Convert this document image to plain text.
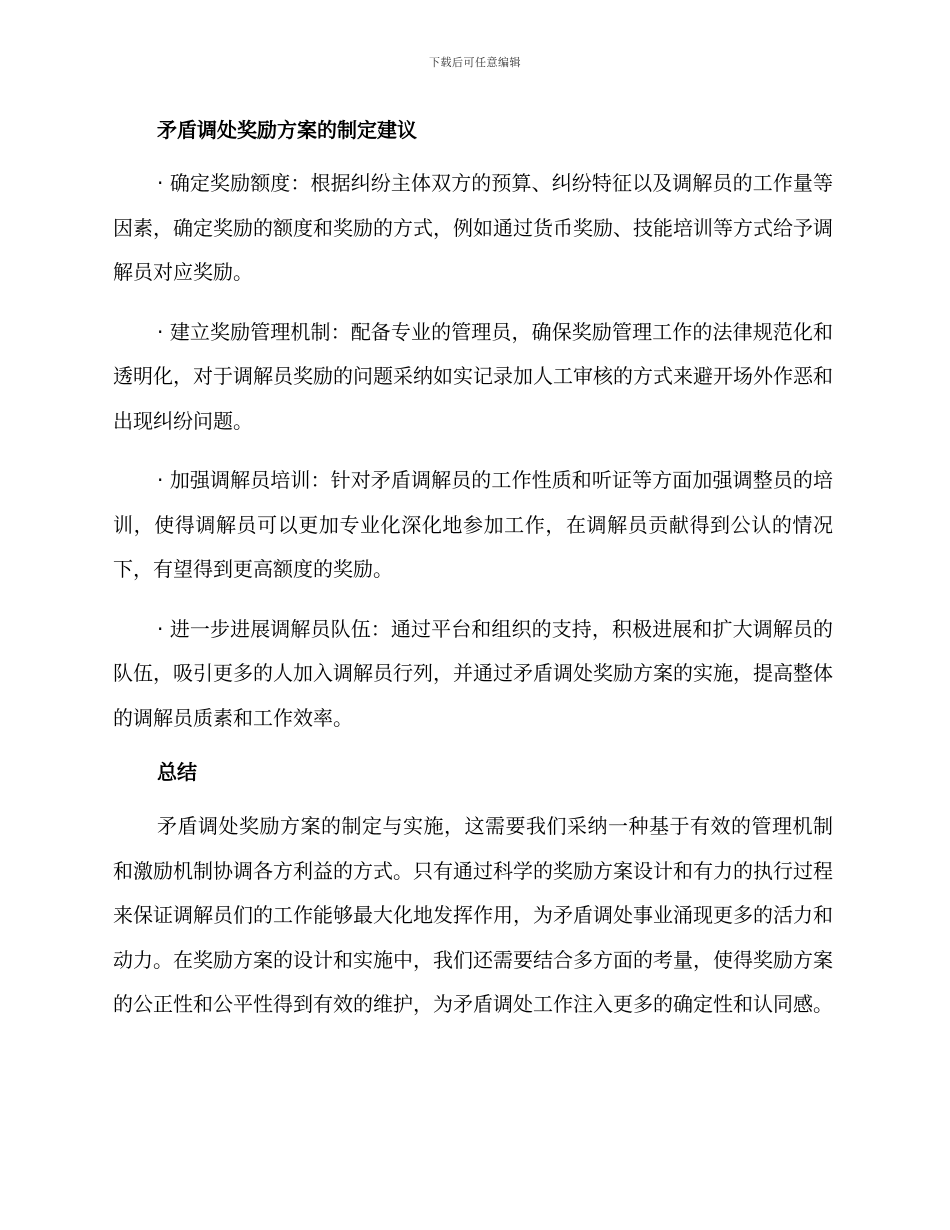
下载后可任意编辑

矛盾调处奖励方案的制定建议

· 确定奖励额度：根据纠纷主体双方的预算、纠纷特征以及调解员的工作量等因素，确定奖励的额度和奖励的方式，例如通过货币奖励、技能培训等方式给予调解员对应奖励。

· 建立奖励管理机制：配备专业的管理员，确保奖励管理工作的法律规范化和透明化，对于调解员奖励的问题采纳如实记录加人工审核的方式来避开场外作恶和出现纠纷问题。

· 加强调解员培训：针对矛盾调解员的工作性质和听证等方面加强调整员的培训，使得调解员可以更加专业化深化地参加工作，在调解员贡献得到公认的情况下，有望得到更高额度的奖励。

· 进一步进展调解员队伍：通过平台和组织的支持，积极进展和扩大调解员的队伍，吸引更多的人加入调解员行列，并通过矛盾调处奖励方案的实施，提高整体的调解员质素和工作效率。

总结

矛盾调处奖励方案的制定与实施，这需要我们采纳一种基于有效的管理机制和激励机制协调各方利益的方式。只有通过科学的奖励方案设计和有力的执行过程来保证调解员们的工作能够最大化地发挥作用，为矛盾调处事业涌现更多的活力和动力。在奖励方案的设计和实施中，我们还需要结合多方面的考量，使得奖励方案的公正性和公平性得到有效的维护，为矛盾调处工作注入更多的确定性和认同感。
